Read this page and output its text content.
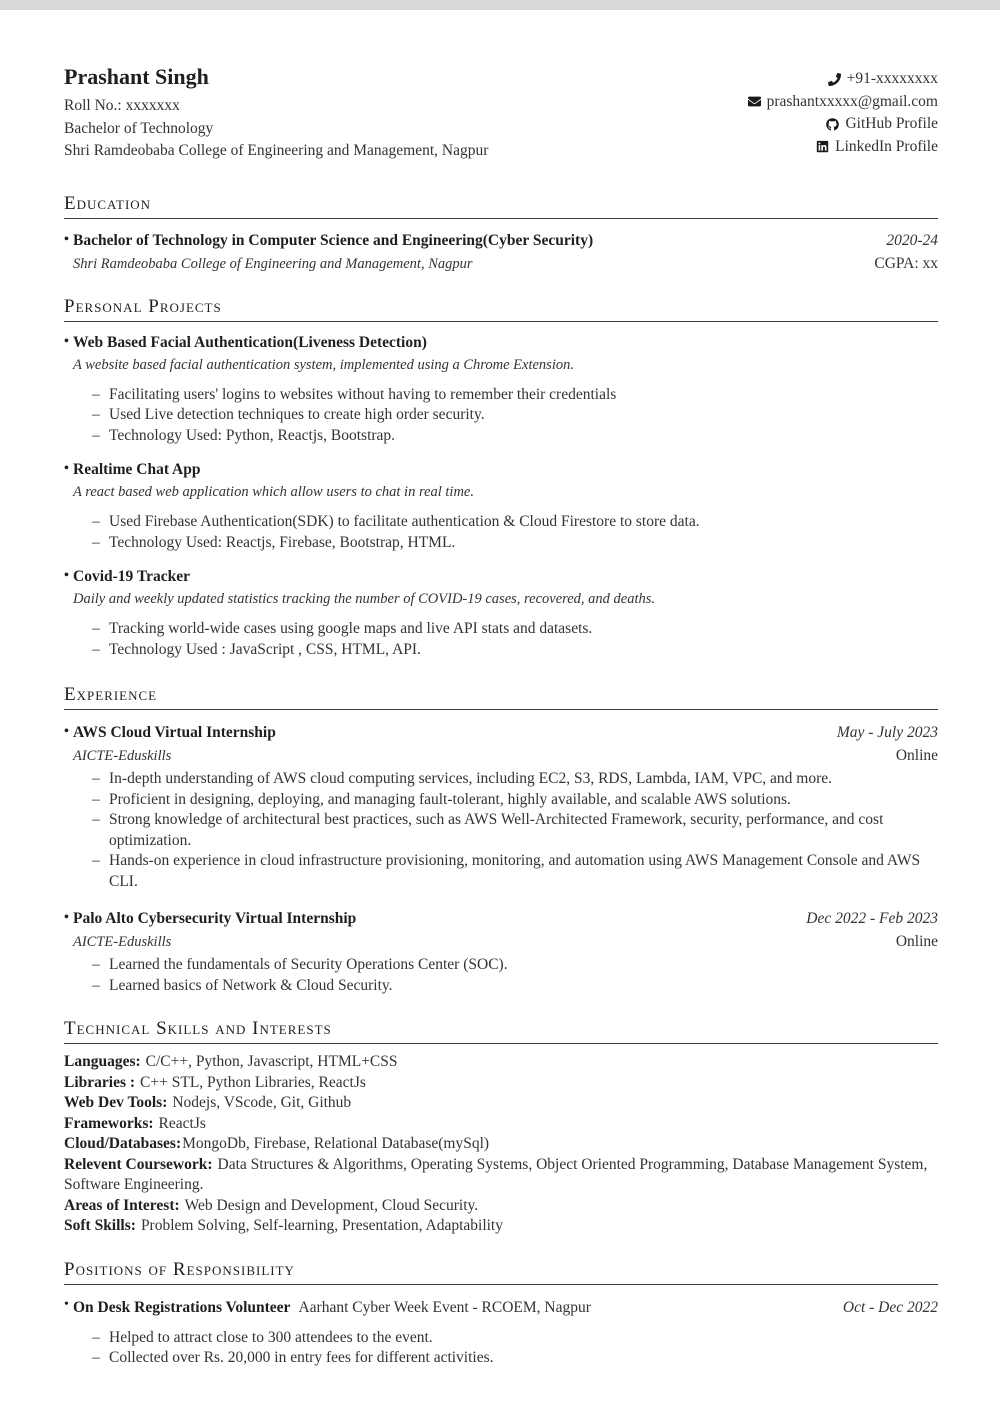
Prashant Singh
Roll No.: xxxxxxx
Bachelor of Technology
Shri Ramdeobaba College of Engineering and Management, Nagpur
+91-xxxxxxxx
prashantxxxxx@gmail.com
GitHub Profile
LinkedIn Profile
Education
• Bachelor of Technology in Computer Science and Engineering(Cyber Security)	2020-24
Shri Ramdeobaba College of Engineering and Management, Nagpur	CGPA: xx
Personal Projects
• Web Based Facial Authentication(Liveness Detection)
A website based facial authentication system, implemented using a Chrome Extension.
– Facilitating users' logins to websites without having to remember their credentials
– Used Live detection techniques to create high order security.
– Technology Used: Python, Reactjs, Bootstrap.
• Realtime Chat App
A react based web application which allow users to chat in real time.
– Used Firebase Authentication(SDK) to facilitate authentication & Cloud Firestore to store data.
– Technology Used: Reactjs, Firebase, Bootstrap, HTML.
• Covid-19 Tracker
Daily and weekly updated statistics tracking the number of COVID-19 cases, recovered, and deaths.
– Tracking world-wide cases using google maps and live API stats and datasets.
– Technology Used : JavaScript , CSS, HTML, API.
Experience
• AWS Cloud Virtual Internship	May - July 2023
AICTE-Eduskills	Online
– In-depth understanding of AWS cloud computing services, including EC2, S3, RDS, Lambda, IAM, VPC, and more.
– Proficient in designing, deploying, and managing fault-tolerant, highly available, and scalable AWS solutions.
– Strong knowledge of architectural best practices, such as AWS Well-Architected Framework, security, performance, and cost optimization.
– Hands-on experience in cloud infrastructure provisioning, monitoring, and automation using AWS Management Console and AWS CLI.
• Palo Alto Cybersecurity Virtual Internship	Dec 2022 - Feb 2023
AICTE-Eduskills	Online
– Learned the fundamentals of Security Operations Center (SOC).
– Learned basics of Network & Cloud Security.
Technical Skills and Interests

Languages: C/C++, Python, Javascript, HTML+CSS

Libraries : C++ STL, Python Libraries, ReactJs

Web Dev Tools: Nodejs, VScode, Git, Github

Frameworks: ReactJs

Cloud/Databases:MongoDb, Firebase, Relational Database(mySql)

Relevent Coursework: Data Structures & Algorithms, Operating Systems, Object Oriented Programming, Database Management System, Software Engineering.

Areas of Interest: Web Design and Development, Cloud Security.

Soft Skills: Problem Solving, Self-learning, Presentation, Adaptability

Positions of Responsibility
• On Desk Registrations Volunteer Aarhant Cyber Week Event - RCOEM, Nagpur	Oct - Dec 2022
– Helped to attract close to 300 attendees to the event.
– Collected over Rs. 20,000 in entry fees for different activities.
